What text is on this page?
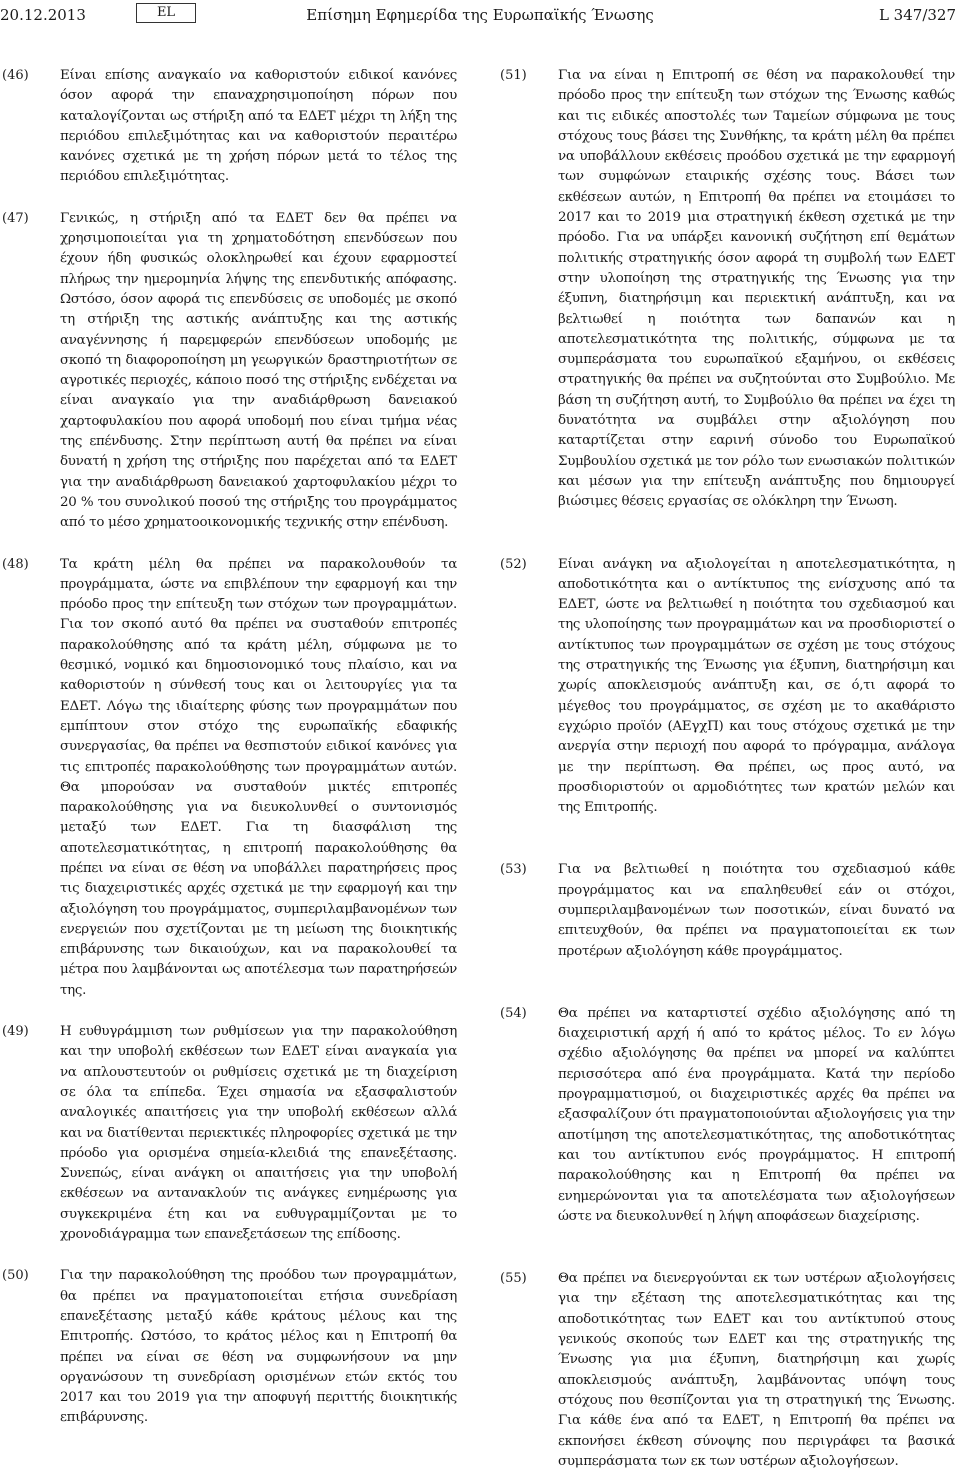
20.12.2013	EL	Επίσημη Εφημερίδα της Ευρωπαϊκής Ένωσης	L 347/327
(46) Είναι επίσης αναγκαίο να καθοριστούν ειδικοί κανόνες όσον αφορά την επαναχρησιμοποίηση πόρων που καταλογίζονται ως στήριξη από τα ΕΔΕΤ μέχρι τη λήξη της περιόδου επιλεξιμότητας και να καθοριστούν περαιτέρω κανόνες σχετικά με τη χρήση πόρων μετά το τέλος της περιόδου επιλεξιμότητας.
(47) Γενικώς, η στήριξη από τα ΕΔΕΤ δεν θα πρέπει να χρησιμοποιείται για τη χρηματοδότηση επενδύσεων που έχουν ήδη φυσικώς ολοκληρωθεί και έχουν εφαρμοστεί πλήρως την ημερομηνία λήψης της επενδυτικής απόφασης. Ωστόσο, όσον αφορά τις επενδύσεις σε υποδομές με σκοπό τη στήριξη της αστικής ανάπτυξης και της αστικής αναγέννησης ή παρεμφερών επενδύσεων υποδομής με σκοπό τη διαφοροποίηση μη γεωργικών δραστηριοτήτων σε αγροτικές περιοχές, κάποιο ποσό της στήριξης ενδέχεται να είναι αναγκαίο για την αναδιάρθρωση δανειακού χαρτοφυλακίου που αφορά υποδομή που είναι τμήμα νέας της επένδυσης. Στην περίπτωση αυτή θα πρέπει να είναι δυνατή η χρήση της στήριξης που παρέχεται από τα ΕΔΕΤ για την αναδιάρθρωση δανειακού χαρτοφυλακίου μέχρι το 20 % του συνολικού ποσού της στήριξης του προγράμματος από το μέσο χρηματοοικονομικής τεχνικής στην επένδυση.
(48) Τα κράτη μέλη θα πρέπει να παρακολουθούν τα προγράμματα, ώστε να επιβλέπουν την εφαρμογή και την πρόοδο προς την επίτευξη των στόχων των προγραμμάτων. Για τον σκοπό αυτό θα πρέπει να συσταθούν επιτροπές παρακολούθησης από τα κράτη μέλη, σύμφωνα με το θεσμικό, νομικό και δημοσιονομικό τους πλαίσιο, και να καθοριστούν η σύνθεσή τους και οι λειτουργίες για τα ΕΔΕΤ. Λόγω της ιδιαίτερης φύσης των προγραμμάτων που εμπίπτουν στον στόχο της ευρωπαϊκής εδαφικής συνεργασίας, θα πρέπει να θεσπιστούν ειδικοί κανόνες για τις επιτροπές παρακολούθησης των προγραμμάτων αυτών. Θα μπορούσαν να συσταθούν μικτές επιτροπές παρακολούθησης για να διευκολυνθεί ο συντονισμός μεταξύ των ΕΔΕΤ. Για τη διασφάλιση της αποτελεσματικότητας, η επιτροπή παρακολούθησης θα πρέπει να είναι σε θέση να υποβάλλει παρατηρήσεις προς τις διαχειριστικές αρχές σχετικά με την εφαρμογή και την αξιολόγηση του προγράμματος, συμπεριλαμβανομένων των ενεργειών που σχετίζονται με τη μείωση της διοικητικής επιβάρυνσης των δικαιούχων, και να παρακολουθεί τα μέτρα που λαμβάνονται ως αποτέλεσμα των παρατηρήσεών της.
(49) Η ευθυγράμμιση των ρυθμίσεων για την παρακολούθηση και την υποβολή εκθέσεων των ΕΔΕΤ είναι αναγκαία για να απλουστευτούν οι ρυθμίσεις σχετικά με τη διαχείριση σε όλα τα επίπεδα. Έχει σημασία να εξασφαλιστούν αναλογικές απαιτήσεις για την υποβολή εκθέσεων αλλά και να διατίθενται περιεκτικές πληροφορίες σχετικά με την πρόοδο για ορισμένα σημεία-κλειδιά της επανεξέτασης. Συνεπώς, είναι ανάγκη οι απαιτήσεις για την υποβολή εκθέσεων να αντανακλούν τις ανάγκες ενημέρωσης για συγκεκριμένα έτη και να ευθυγραμμίζονται με το χρονοδιάγραμμα των επανεξετάσεων της επίδοσης.
(50) Για την παρακολούθηση της προόδου των προγραμμάτων, θα πρέπει να πραγματοποιείται ετήσια συνεδρίαση επανεξέτασης μεταξύ κάθε κράτους μέλους και της Επιτροπής. Ωστόσο, το κράτος μέλος και η Επιτροπή θα πρέπει να είναι σε θέση να συμφωνήσουν να μην οργανώσουν τη συνεδρίαση ορισμένων ετών εκτός του 2017 και του 2019 για την αποφυγή περιττής διοικητικής επιβάρυνσης.
(51) Για να είναι η Επιτροπή σε θέση να παρακολουθεί την πρόοδο προς την επίτευξη των στόχων της Ένωσης καθώς και τις ειδικές αποστολές των Ταμείων σύμφωνα με τους στόχους τους βάσει της Συνθήκης, τα κράτη μέλη θα πρέπει να υποβάλλουν εκθέσεις προόδου σχετικά με την εφαρμογή των συμφώνων εταιρικής σχέσης τους. Βάσει των εκθέσεων αυτών, η Επιτροπή θα πρέπει να ετοιμάσει το 2017 και το 2019 μια στρατηγική έκθεση σχετικά με την πρόοδο. Για να υπάρξει κανονική συζήτηση επί θεμάτων πολιτικής στρατηγικής όσον αφορά τη συμβολή των ΕΔΕΤ στην υλοποίηση της στρατηγικής της Ένωσης για την έξυπνη, διατηρήσιμη και περιεκτική ανάπτυξη, και να βελτιωθεί η ποιότητα των δαπανών και η αποτελεσματικότητα της πολιτικής, σύμφωνα με τα συμπεράσματα του ευρωπαϊκού εξαμήνου, οι εκθέσεις στρατηγικής θα πρέπει να συζητούνται στο Συμβούλιο. Με βάση τη συζήτηση αυτή, το Συμβούλιο θα πρέπει να έχει τη δυνατότητα να συμβάλει στην αξιολόγηση που καταρτίζεται στην εαρινή σύνοδο του Ευρωπαϊκού Συμβουλίου σχετικά με τον ρόλο των ενωσιακών πολιτικών και μέσων για την επίτευξη ανάπτυξης που δημιουργεί βιώσιμες θέσεις εργασίας σε ολόκληρη την Ένωση.
(52) Είναι ανάγκη να αξιολογείται η αποτελεσματικότητα, η αποδοτικότητα και ο αντίκτυπος της ενίσχυσης από τα ΕΔΕΤ, ώστε να βελτιωθεί η ποιότητα του σχεδιασμού και της υλοποίησης των προγραμμάτων και να προσδιοριστεί ο αντίκτυπος των προγραμμάτων σε σχέση με τους στόχους της στρατηγικής της Ένωσης για έξυπνη, διατηρήσιμη και χωρίς αποκλεισμούς ανάπτυξη και, σε ό,τι αφορά το μέγεθος του προγράμματος, σε σχέση με το ακαθάριστο εγχώριο προϊόν (ΑΕγχΠ) και τους στόχους σχετικά με την ανεργία στην περιοχή που αφορά το πρόγραμμα, ανάλογα με την περίπτωση. Θα πρέπει, ως προς αυτό, να προσδιοριστούν οι αρμοδιότητες των κρατών μελών και της Επιτροπής.
(53) Για να βελτιωθεί η ποιότητα του σχεδιασμού κάθε προγράμματος και να επαληθευθεί εάν οι στόχοι, συμπεριλαμβανομένων των ποσοτικών, είναι δυνατό να επιτευχθούν, θα πρέπει να πραγματοποιείται εκ των προτέρων αξιολόγηση κάθε προγράμματος.
(54) Θα πρέπει να καταρτιστεί σχέδιο αξιολόγησης από τη διαχειριστική αρχή ή από το κράτος μέλος. Το εν λόγω σχέδιο αξιολόγησης θα πρέπει να μπορεί να καλύπτει περισσότερα από ένα προγράμματα. Κατά την περίοδο προγραμματισμού, οι διαχειριστικές αρχές θα πρέπει να εξασφαλίζουν ότι πραγματοποιούνται αξιολογήσεις για την αποτίμηση της αποτελεσματικότητας, της αποδοτικότητας και του αντίκτυπου ενός προγράμματος. Η επιτροπή παρακολούθησης και η Επιτροπή θα πρέπει να ενημερώνονται για τα αποτελέσματα των αξιολογήσεων ώστε να διευκολυνθεί η λήψη αποφάσεων διαχείρισης.
(55) Θα πρέπει να διενεργούνται εκ των υστέρων αξιολογήσεις για την εξέταση της αποτελεσματικότητας και της αποδοτικότητας των ΕΔΕΤ και του αντίκτυπού στους γενικούς σκοπούς των ΕΔΕΤ και της στρατηγικής της Ένωσης για μια έξυπνη, διατηρήσιμη και χωρίς αποκλεισμούς ανάπτυξη, λαμβάνοντας υπόψη τους στόχους που θεσπίζονται για τη στρατηγική της Ένωσης. Για κάθε ένα από τα ΕΔΕΤ, η Επιτροπή θα πρέπει να εκπονήσει έκθεση σύνοψης που περιγράφει τα βασικά συμπεράσματα των εκ των υστέρων αξιολογήσεων.
